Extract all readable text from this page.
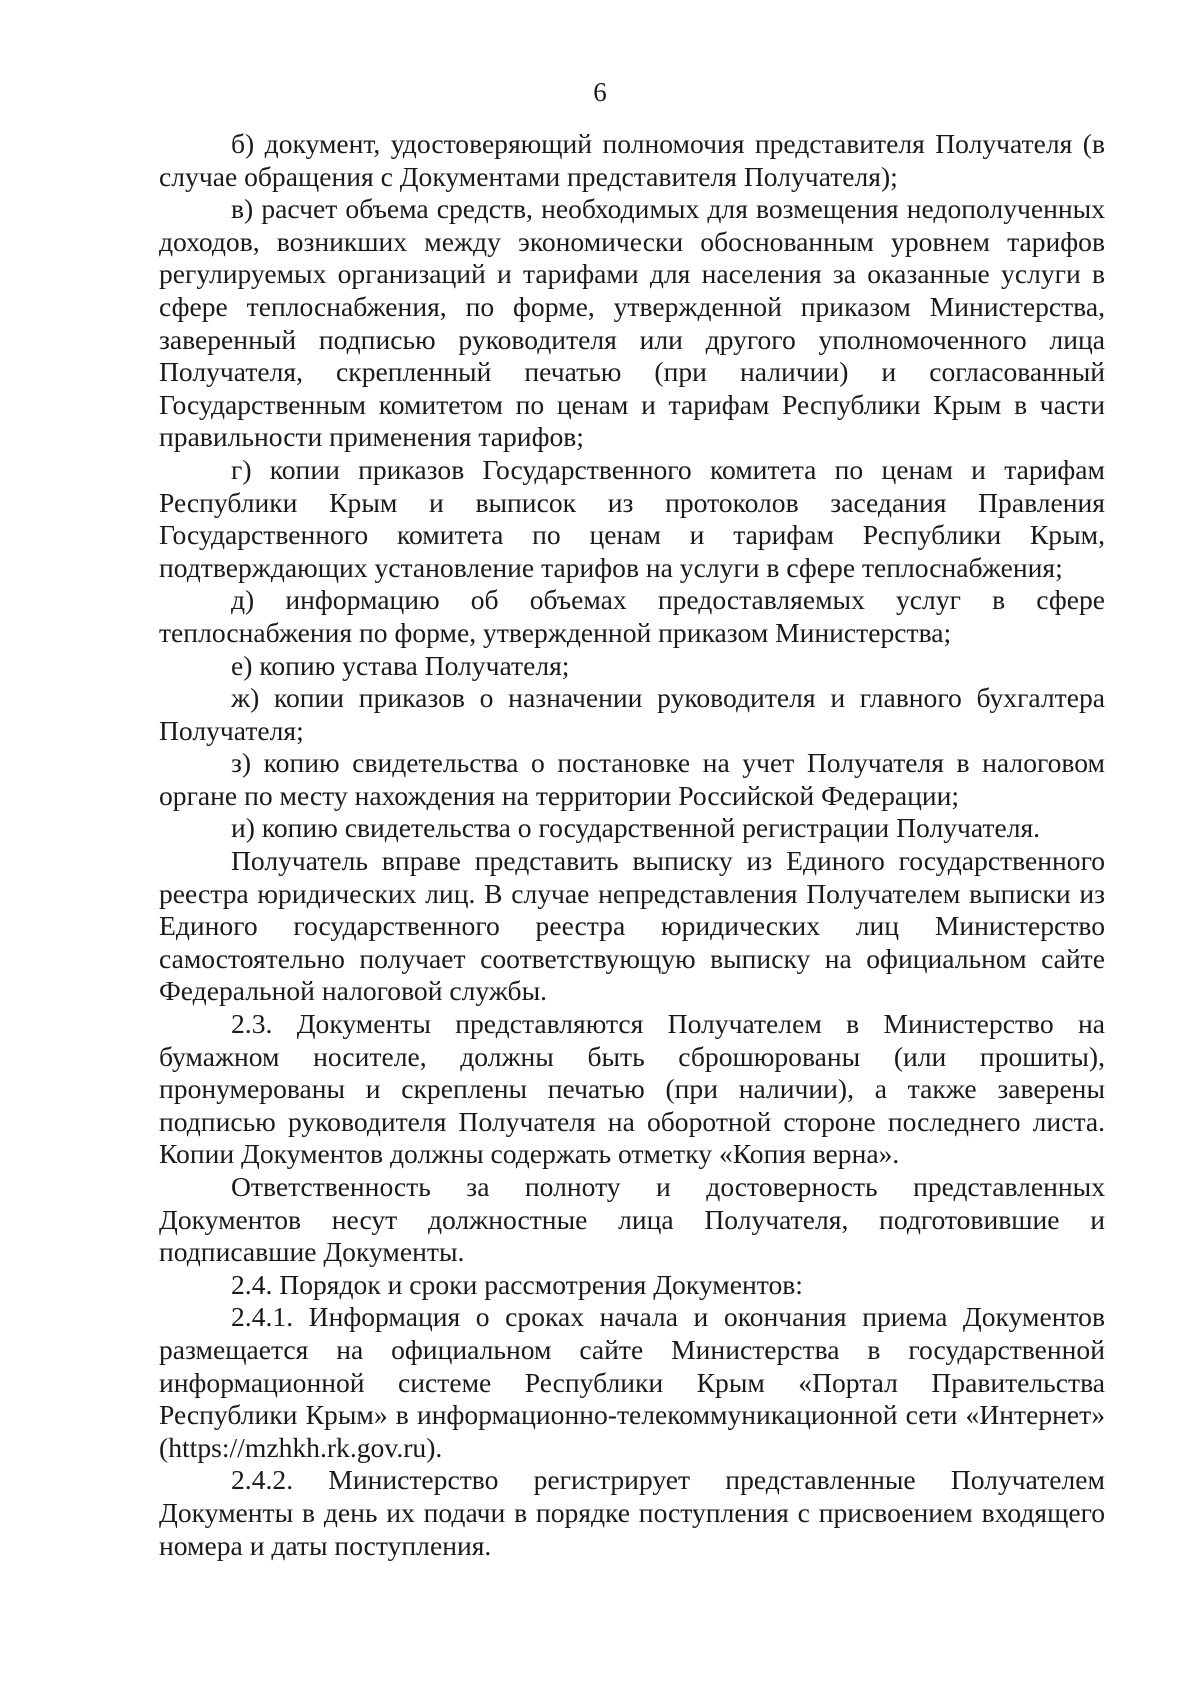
6

б) документ, удостоверяющий полномочия представителя Получателя (в случае обращения с Документами представителя Получателя);

в) расчет объема средств, необходимых для возмещения недополученных доходов, возникших между экономически обоснованным уровнем тарифов регулируемых организаций и тарифами для населения за оказанные услуги в сфере теплоснабжения, по форме, утвержденной приказом Министерства, заверенный подписью руководителя или другого уполномоченного лица Получателя, скрепленный печатью (при наличии) и согласованный Государственным комитетом по ценам и тарифам Республики Крым в части правильности применения тарифов;

г) копии приказов Государственного комитета по ценам и тарифам Республики Крым и выписок из протоколов заседания Правления Государственного комитета по ценам и тарифам Республики Крым, подтверждающих установление тарифов на услуги в сфере теплоснабжения;

д) информацию об объемах предоставляемых услуг в сфере теплоснабжения по форме, утвержденной приказом Министерства;

е) копию устава Получателя;

ж) копии приказов о назначении руководителя и главного бухгалтера Получателя;

з) копию свидетельства о постановке на учет Получателя в налоговом органе по месту нахождения на территории Российской Федерации;

и) копию свидетельства о государственной регистрации Получателя.

Получатель вправе представить выписку из Единого государственного реестра юридических лиц. В случае непредставления Получателем выписки из Единого государственного реестра юридических лиц Министерство самостоятельно получает соответствующую выписку на официальном сайте Федеральной налоговой службы.

2.3. Документы представляются Получателем в Министерство на бумажном носителе, должны быть сброшюрованы (или прошиты), пронумерованы и скреплены печатью (при наличии), а также заверены подписью руководителя Получателя на оборотной стороне последнего листа. Копии Документов должны содержать отметку «Копия верна».

Ответственность за полноту и достоверность представленных Документов несут должностные лица Получателя, подготовившие и подписавшие Документы.

2.4. Порядок и сроки рассмотрения Документов:

2.4.1. Информация о сроках начала и окончания приема Документов размещается на официальном сайте Министерства в государственной информационной системе Республики Крым «Портал Правительства Республики Крым» в информационно-телекоммуникационной сети «Интернет» (https://mzhkh.rk.gov.ru).

2.4.2. Министерство регистрирует представленные Получателем Документы в день их подачи в порядке поступления с присвоением входящего номера и даты поступления.
